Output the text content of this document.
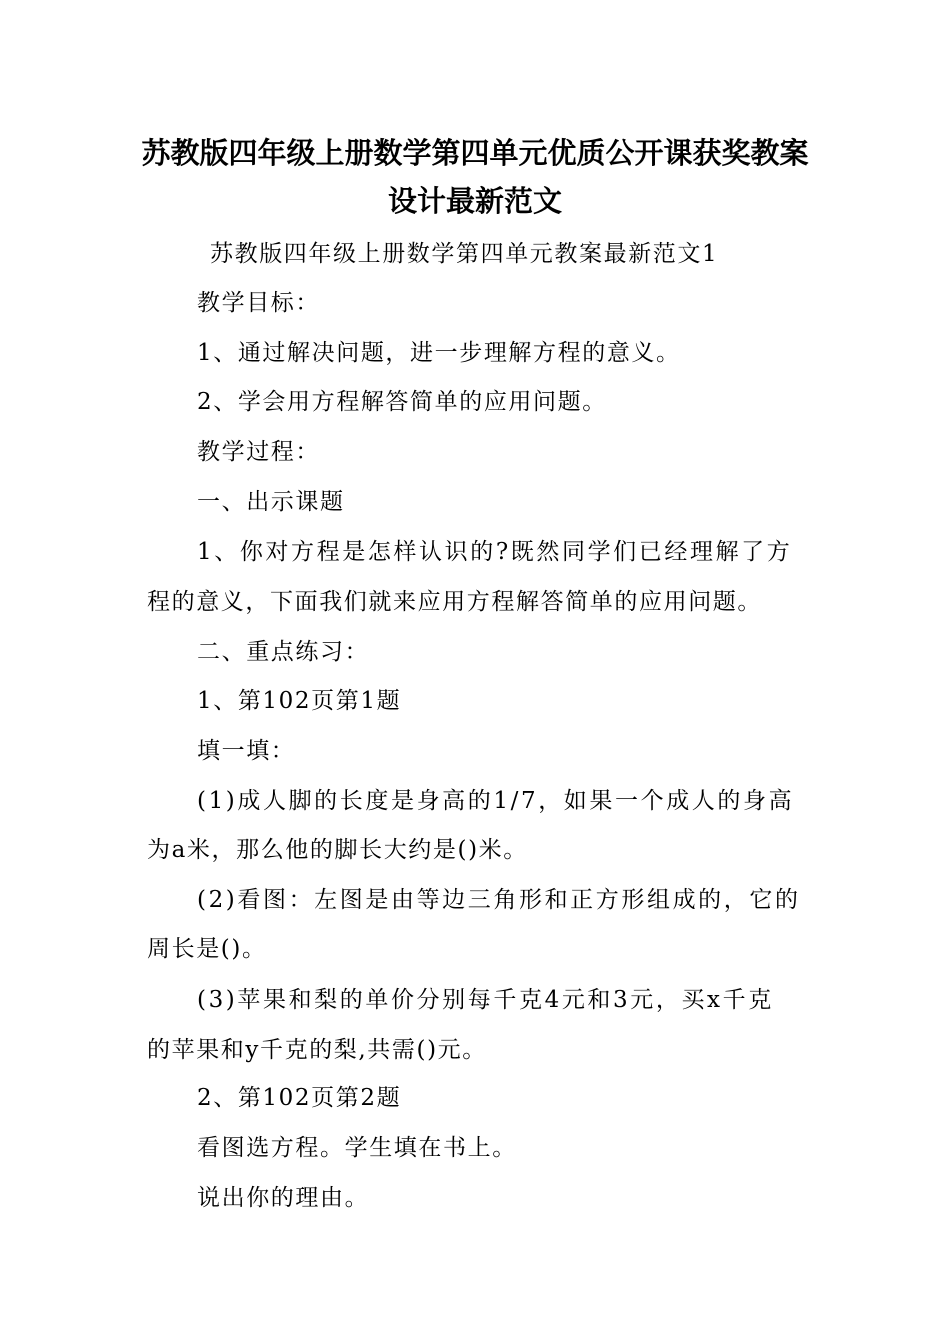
苏教版四年级上册数学第四单元优质公开课获奖教案
设计最新范文
苏教版四年级上册数学第四单元教案最新范文1
教学目标：
1、通过解决问题，进一步理解方程的意义。
2、学会用方程解答简单的应用问题。
教学过程：
一、出示课题
1、你对方程是怎样认识的?既然同学们已经理解了方
程的意义，下面我们就来应用方程解答简单的应用问题。
二、重点练习：
1、第102页第1题
填一填：
(1)成人脚的长度是身高的1/7，如果一个成人的身高
为a米，那么他的脚长大约是()米。
(2)看图：左图是由等边三角形和正方形组成的，它的
周长是()。
(3)苹果和梨的单价分别每千克4元和3元，买x千克
的苹果和y千克的梨,共需()元。
2、第102页第2题
看图选方程。学生填在书上。
说出你的理由。
